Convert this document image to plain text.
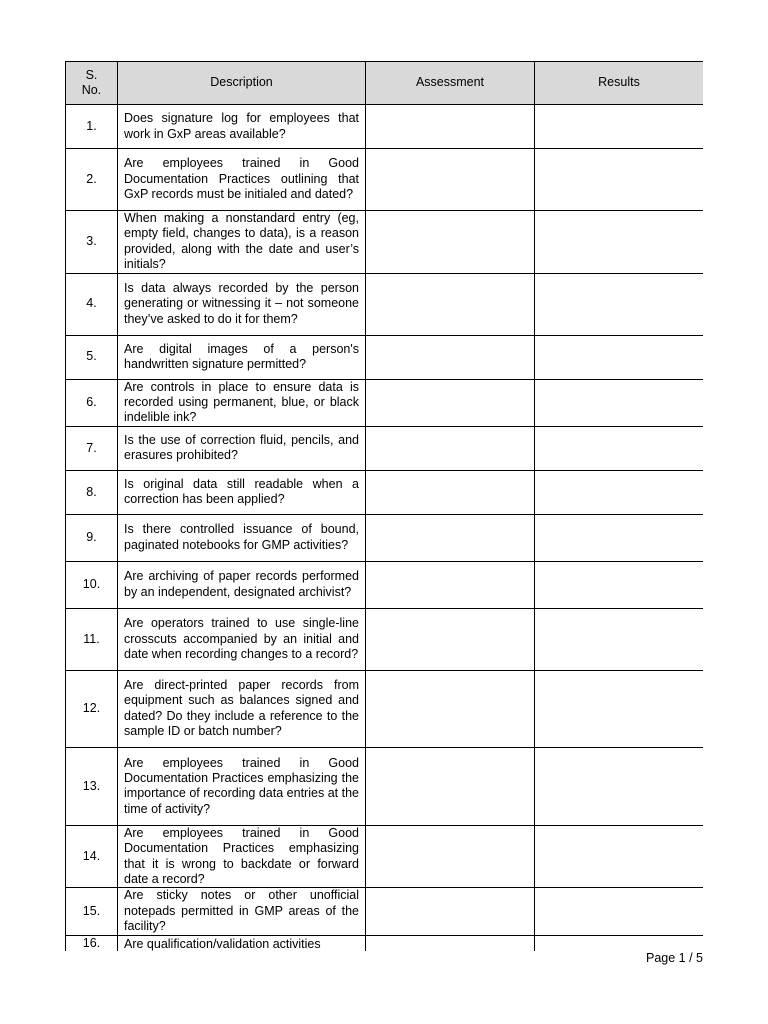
S. No.	Description	Assessment	Results
1.	Does signature log for employees that work in GxP areas available?		
2.	Are employees trained in Good Documentation Practices outlining that GxP records must be initialed and dated?		
3.	When making a nonstandard entry (eg, empty field, changes to data), is a reason provided, along with the date and user’s initials?		
4.	Is data always recorded by the person generating or witnessing it – not someone they’ve asked to do it for them?		
5.	Are digital images of a person's handwritten signature permitted?		
6.	Are controls in place to ensure data is recorded using permanent, blue, or black indelible ink?		
7.	Is the use of correction fluid, pencils, and erasures prohibited?		
8.	Is original data still readable when a correction has been applied?		
9.	Is there controlled issuance of bound, paginated notebooks for GMP activities?		
10.	Are archiving of paper records performed by an independent, designated archivist?		
11.	Are operators trained to use single-line crosscuts accompanied by an initial and date when recording changes to a record?		
12.	Are direct-printed paper records from equipment such as balances signed and dated? Do they include a reference to the sample ID or batch number?		
13.	Are employees trained in Good Documentation Practices emphasizing the importance of recording data entries at the time of activity?		
14.	Are employees trained in Good Documentation Practices emphasizing that it is wrong to backdate or forward date a record?		
15.	Are sticky notes or other unofficial notepads permitted in GMP areas of the facility?		
16.	Are qualification/validation activities		
Page 1 / 5
